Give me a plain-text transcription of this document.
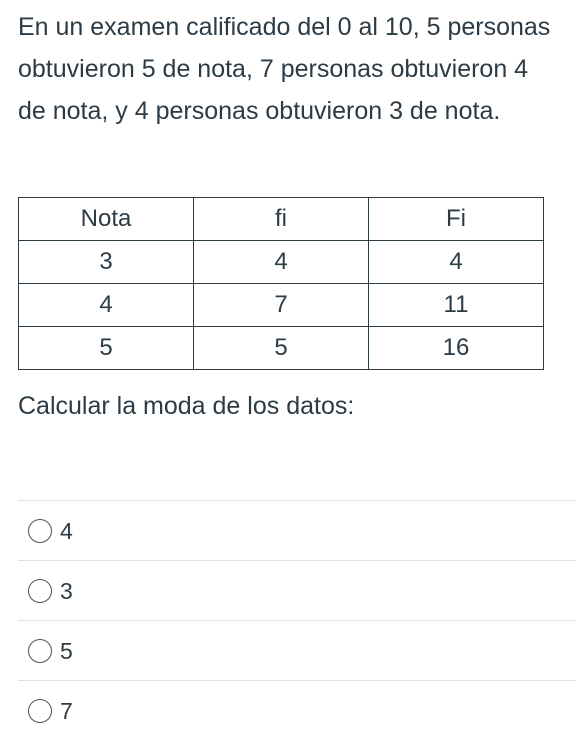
En un examen calificado del 0 al 10, 5 personas obtuvieron 5 de nota, 7 personas obtuvieron 4 de nota, y 4 personas obtuvieron 3 de nota.

Nota	fi	Fi
3	4	4
4	7	11
5	5	16

Calcular la moda de los datos:

4
3
5
7
